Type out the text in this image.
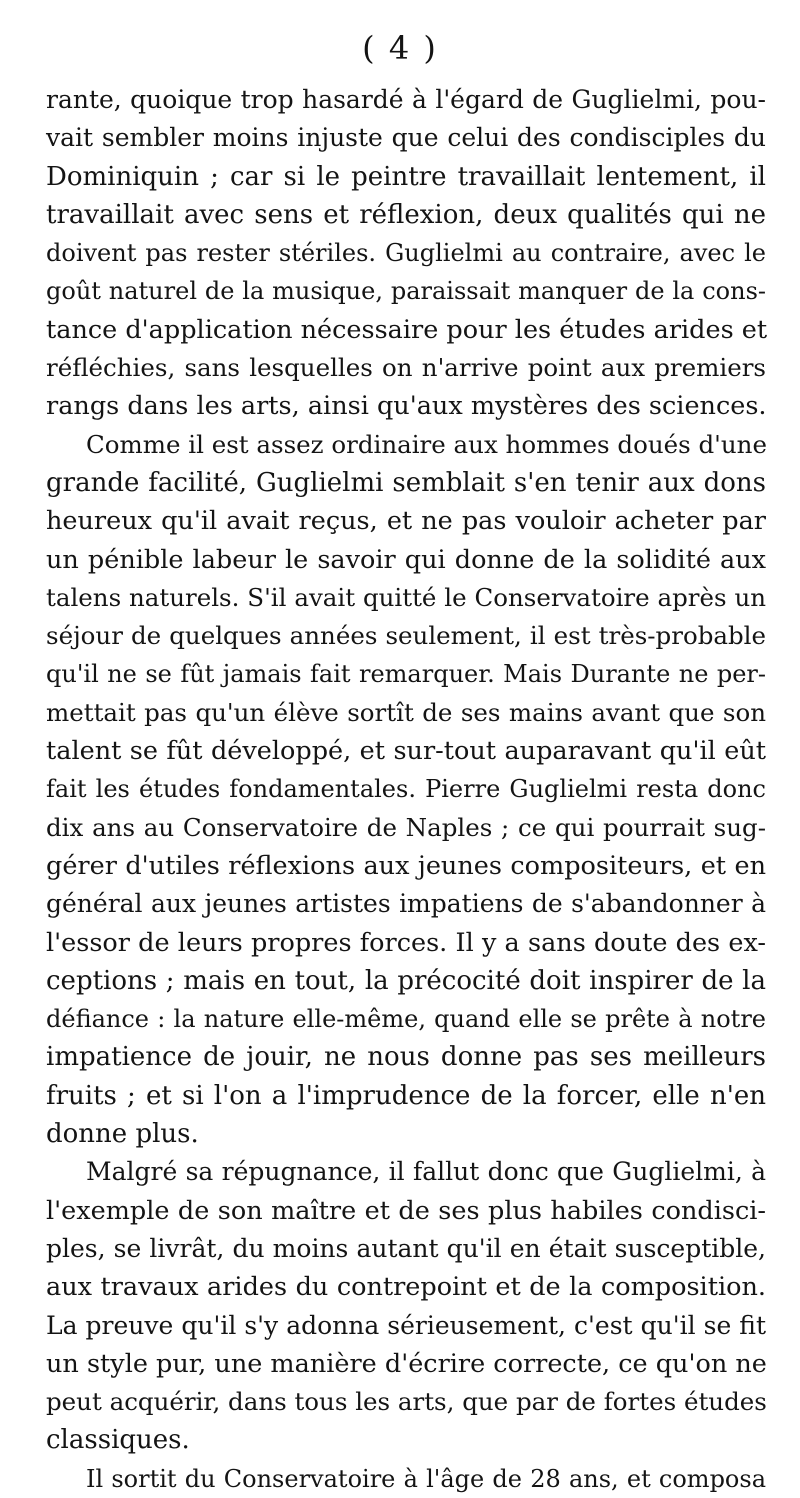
( 4 )
rante, quoique trop hasardé à l'égard de Guglielmi, pou-
vait sembler moins injuste que celui des condisciples du
Dominiquin ; car si le peintre travaillait lentement, il
travaillait avec sens et réflexion, deux qualités qui ne
doivent pas rester stériles. Guglielmi au contraire, avec le
goût naturel de la musique, paraissait manquer de la cons-
tance d'application nécessaire pour les études arides et
réfléchies, sans lesquelles on n'arrive point aux premiers
rangs dans les arts, ainsi qu'aux mystères des sciences.
Comme il est assez ordinaire aux hommes doués d'une
grande facilité, Guglielmi semblait s'en tenir aux dons
heureux qu'il avait reçus, et ne pas vouloir acheter par
un pénible labeur le savoir qui donne de la solidité aux
talens naturels. S'il avait quitté le Conservatoire après un
séjour de quelques années seulement, il est très-probable
qu'il ne se fût jamais fait remarquer. Mais Durante ne per-
mettait pas qu'un élève sortît de ses mains avant que son
talent se fût développé, et sur-tout auparavant qu'il eût
fait les études fondamentales. Pierre Guglielmi resta donc
dix ans au Conservatoire de Naples ; ce qui pourrait sug-
gérer d'utiles réflexions aux jeunes compositeurs, et en
général aux jeunes artistes impatiens de s'abandonner à
l'essor de leurs propres forces. Il y a sans doute des ex-
ceptions ; mais en tout, la précocité doit inspirer de la
défiance : la nature elle-même, quand elle se prête à notre
impatience de jouir, ne nous donne pas ses meilleurs
fruits ; et si l'on a l'imprudence de la forcer, elle n'en
donne plus.
Malgré sa répugnance, il fallut donc que Guglielmi, à
l'exemple de son maître et de ses plus habiles condisci-
ples, se livrât, du moins autant qu'il en était susceptible,
aux travaux arides du contrepoint et de la composition.
La preuve qu'il s'y adonna sérieusement, c'est qu'il se fit
un style pur, une manière d'écrire correcte, ce qu'on ne
peut acquérir, dans tous les arts, que par de fortes études
classiques.
Il sortit du Conservatoire à l'âge de 28 ans, et composa
